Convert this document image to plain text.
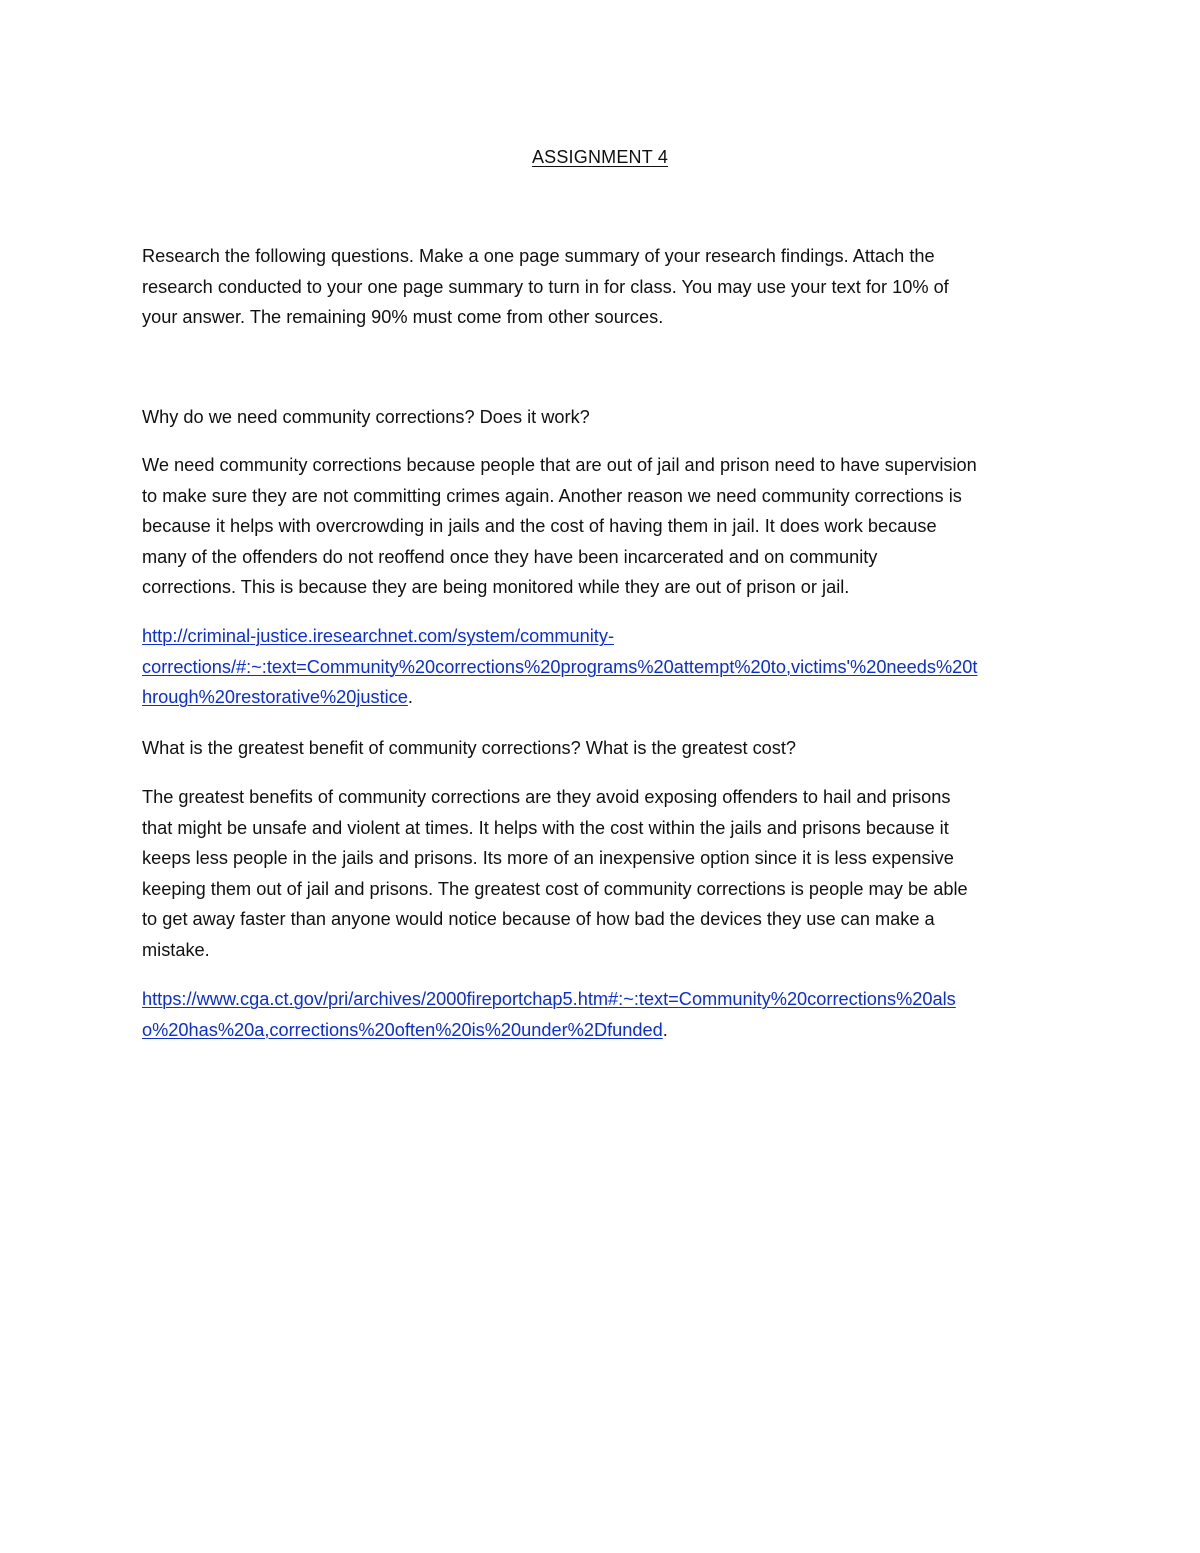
ASSIGNMENT 4

Research the following questions. Make a one page summary of your research findings. Attach the
research conducted to your one page summary to turn in for class. You may use your text for 10% of
your answer. The remaining 90% must come from other sources.

Why do we need community corrections? Does it work?

We need community corrections because people that are out of jail and prison need to have supervision
to make sure they are not committing crimes again. Another reason we need community corrections is
because it helps with overcrowding in jails and the cost of having them in jail. It does work because
many of the offenders do not reoffend once they have been incarcerated and on community
corrections. This is because they are being monitored while they are out of prison or jail.

http://criminal-justice.iresearchnet.com/system/community-
corrections/#:~:text=Community%20corrections%20programs%20attempt%20to,victims'%20needs%20t
hrough%20restorative%20justice.

What is the greatest benefit of community corrections? What is the greatest cost?

The greatest benefits of community corrections are they avoid exposing offenders to hail and prisons
that might be unsafe and violent at times. It helps with the cost within the jails and prisons because it
keeps less people in the jails and prisons. Its more of an inexpensive option since it is less expensive
keeping them out of jail and prisons. The greatest cost of community corrections is people may be able
to get away faster than anyone would notice because of how bad the devices they use can make a
mistake.

https://www.cga.ct.gov/pri/archives/2000fireportchap5.htm#:~:text=Community%20corrections%20als
o%20has%20a,corrections%20often%20is%20under%2Dfunded.
